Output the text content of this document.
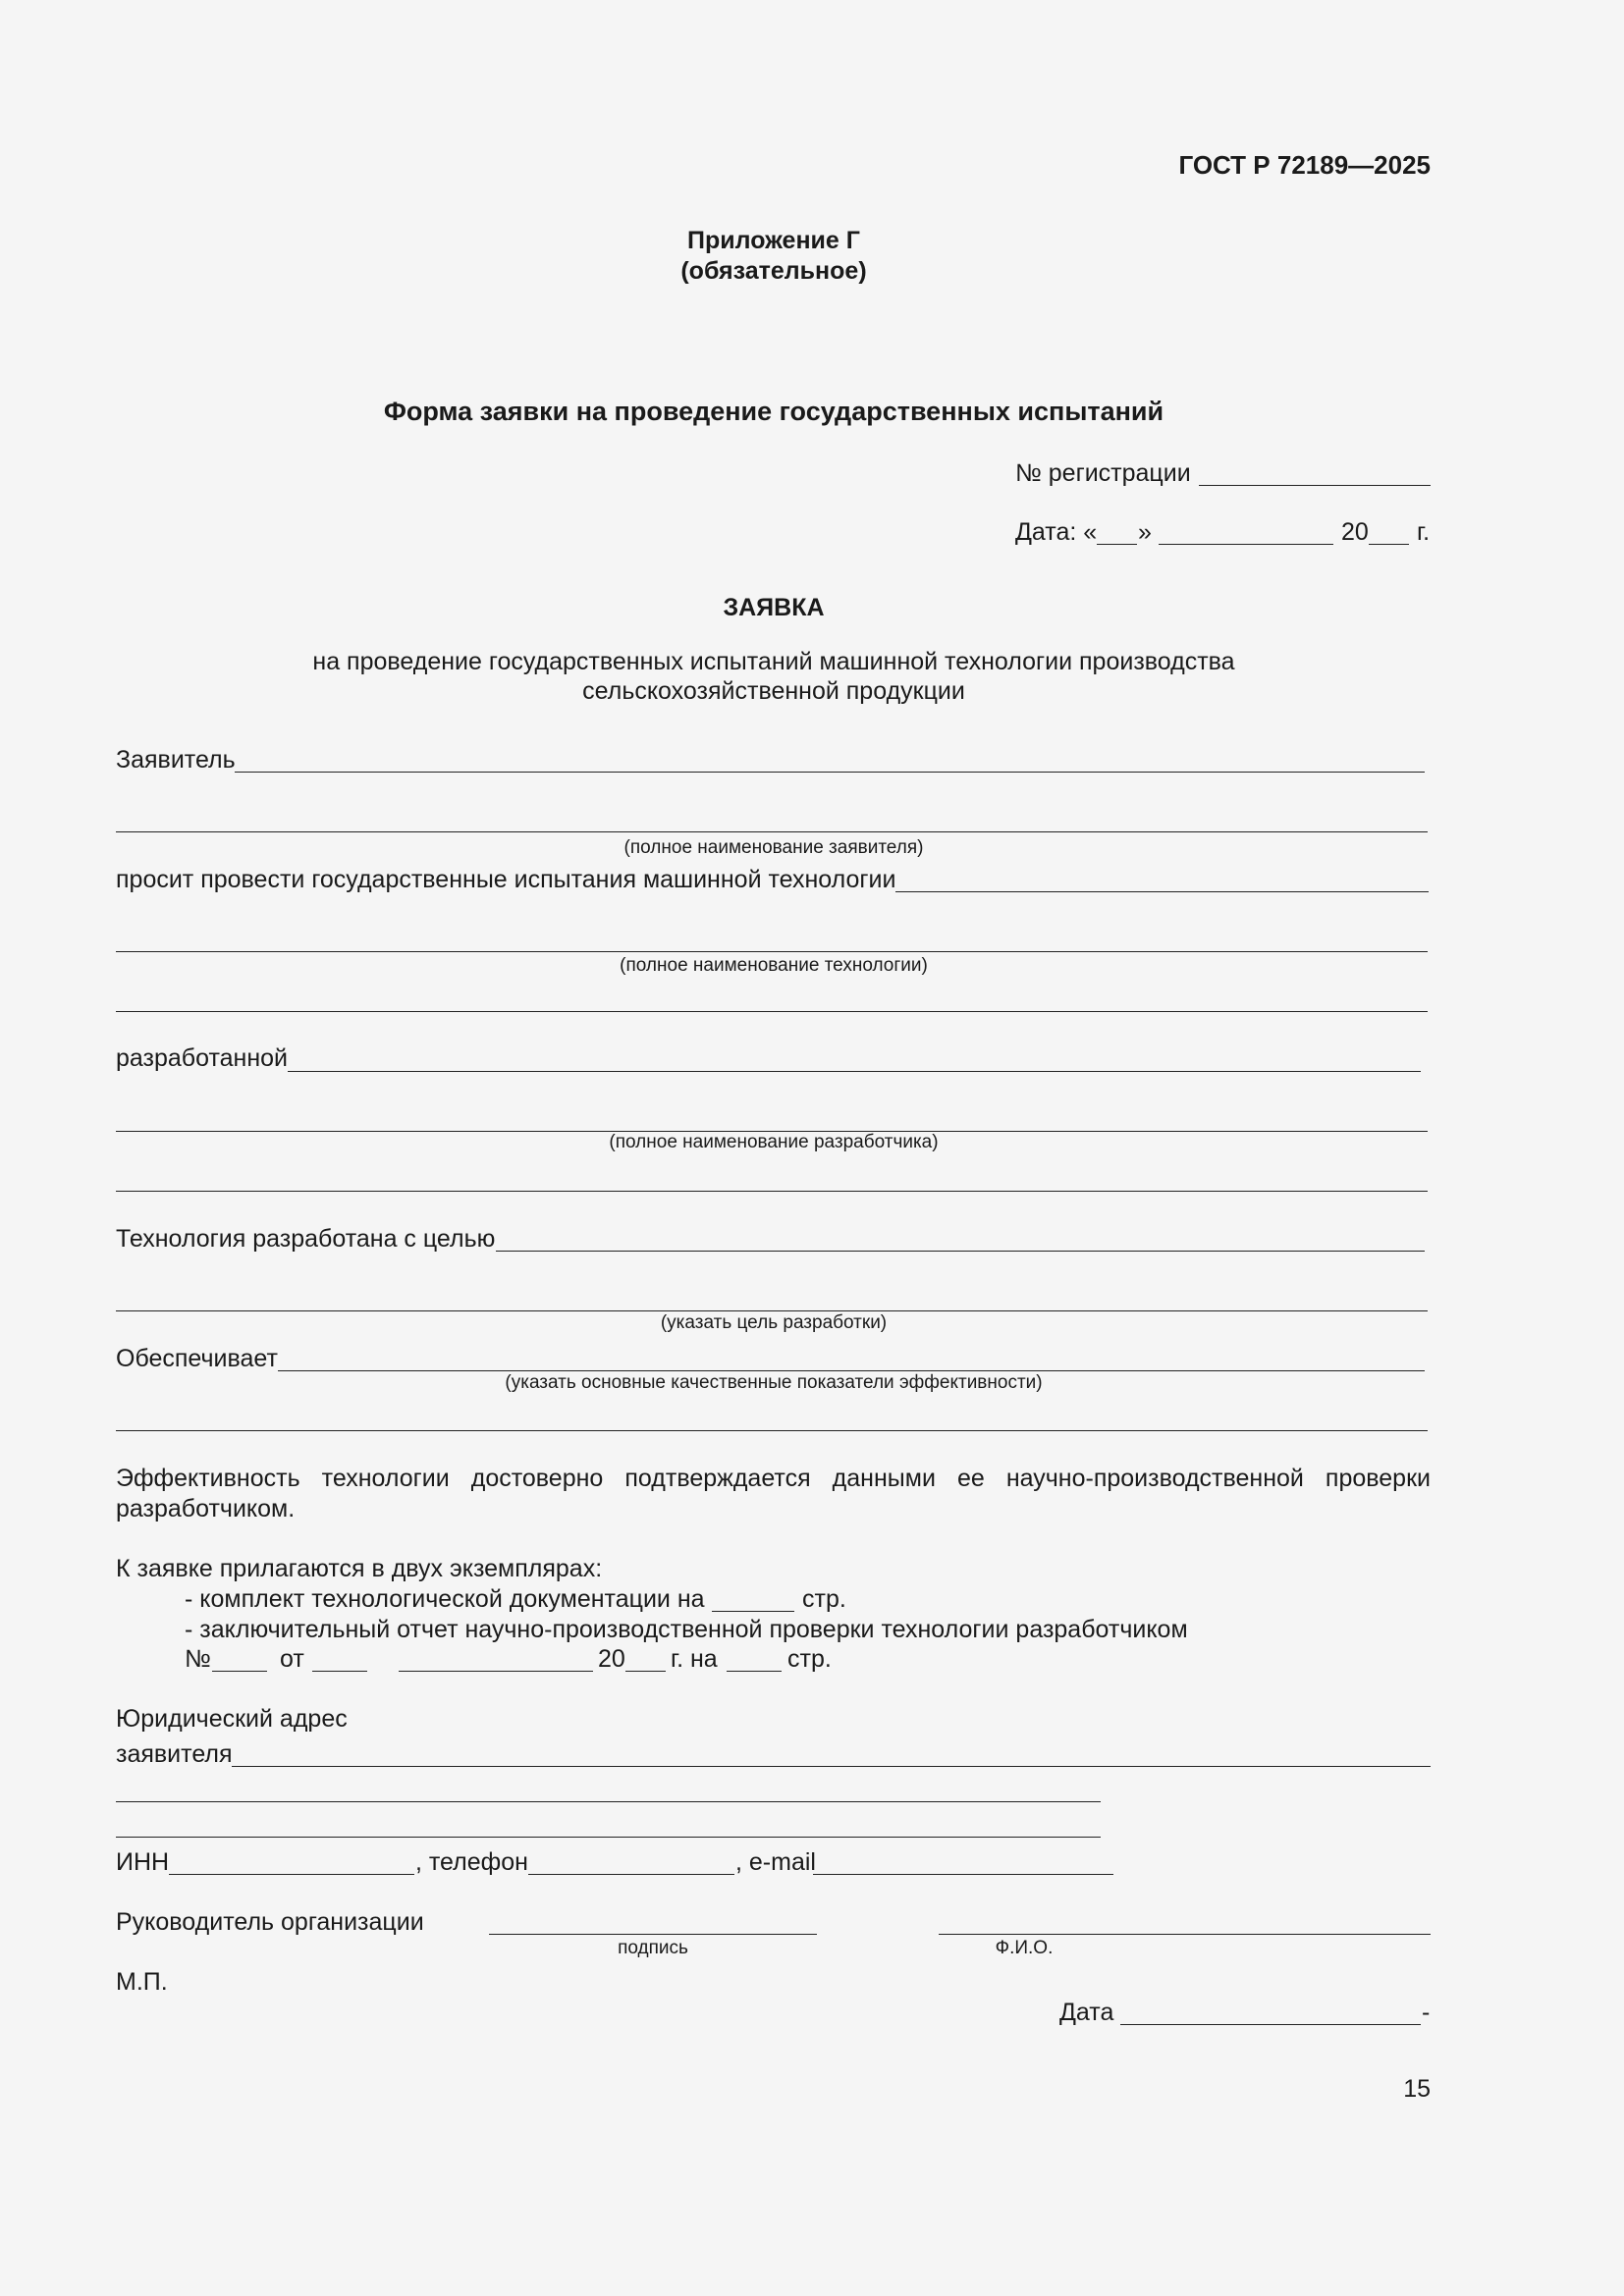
ГОСТ Р 72189—2025
Приложение Г
(обязательное)
Форма заявки на проведение государственных испытаний
№ регистрации
Дата: « »	20 г.
ЗАЯВКА
на проведение государственных испытаний машинной технологии производства
сельскохозяйственной продукции
Заявитель
(полное наименование заявителя)
просит провести государственные испытания машинной технологии
(полное наименование технологии)
разработанной
(полное наименование разработчика)
Технология разработана с целью
(указать цель разработки)
Обеспечивает
(указать основные качественные показатели эффективности)
Эффективность технологии достоверно подтверждается данными ее научно-производственной проверки разработчиком.
К заявке прилагаются в двух экземплярах:
- комплект технологической документации на	стр.
- заключительный отчет научно-производственной проверки технологии разработчиком
№	от	20 г. на	стр.
Юридический адрес
заявителя
ИНН	, телефон	, e-mail
Руководитель организации
подпись	Ф.И.О.
М.П.
Дата	-
15
